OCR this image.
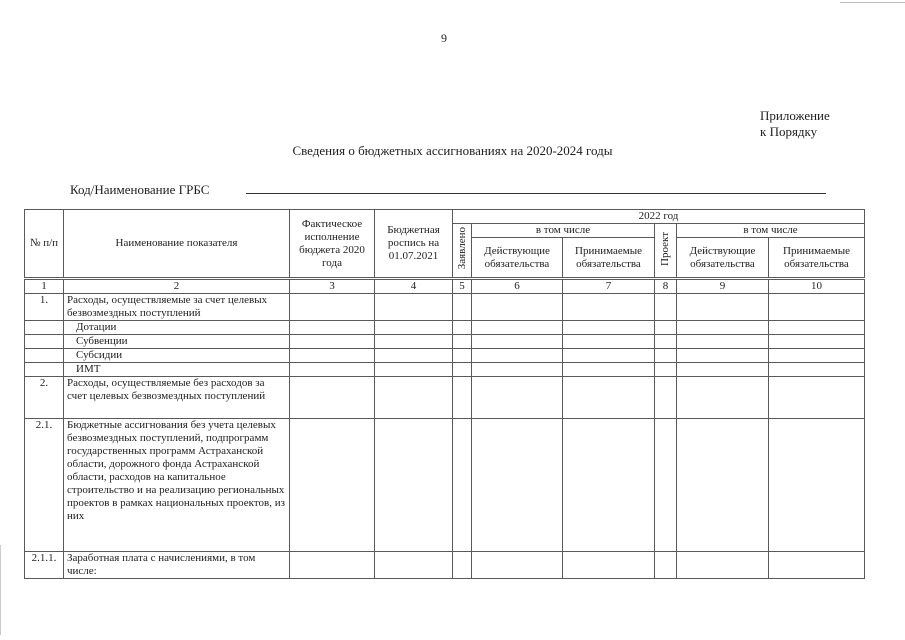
9
Приложение
к Порядку
Сведения о бюджетных ассигнованиях на 2020-2024 годы
Код/Наименование ГРБС
№ п/п	Наименование показателя	Фактическое исполнение бюджета 2020 года	Бюджетная роспись на 01.07.2021	2022 год					
				Заявлено	в том числе		Проект	в том числе	
					Действующие обязательства	Принимаемые обязательства		Действующие обязательства	Принимаемые обязательства

1	2	3	4	5	6	7	8	9	10
1.	Расходы, осуществляемые за счет целевых безвозмездных поступлений								
	Дотации								
	Субвенции								
	Субсидии								
	ИМТ								
2.	Расходы, осуществляемые без расходов за счет целевых безвозмездных поступлений								
2.1.	Бюджетные ассигнования без учета целевых безвозмездных поступлений, подпрограмм государственных программ Астраханской области, дорожного фонда Астраханской области, расходов на капитальное строительство и на реализацию региональных проектов в рамках национальных проектов, из них								
2.1.1.	Заработная плата с начислениями, в том числе:								
